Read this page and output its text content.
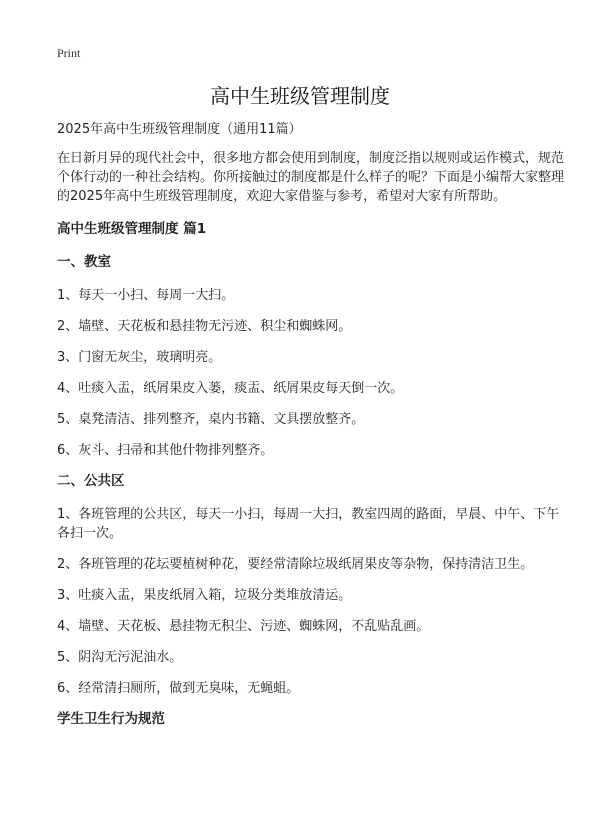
Print
高中生班级管理制度
2025年高中生班级管理制度（通用11篇）
在日新月异的现代社会中，很多地方都会使用到制度，制度泛指以规则或运作模式，规范个体行动的一种社会结构。你所接触过的制度都是什么样子的呢？下面是小编帮大家整理的2025年高中生班级管理制度，欢迎大家借鉴与参考，希望对大家有所帮助。
高中生班级管理制度 篇1
一、教室
1、每天一小扫、每周一大扫。
2、墙壁、天花板和悬挂物无污迹、积尘和蜘蛛网。
3、门窗无灰尘，玻璃明亮。
4、吐痰入盂，纸屑果皮入蒌，痰盂、纸屑果皮每天倒一次。
5、桌凳清洁、排列整齐，桌内书籍、文具摆放整齐。
6、灰斗、扫帚和其他什物排列整齐。
二、公共区
1、各班管理的公共区，每天一小扫，每周一大扫，教室四周的路面，早晨、中午、下午各扫一次。
2、各班管理的花坛要植树种花，要经常清除垃圾纸屑果皮等杂物，保持清洁卫生。
3、吐痰入盂，果皮纸屑入箱，垃圾分类堆放清运。
4、墙壁、天花板、悬挂物无积尘、污迹、蜘蛛网，不乱贴乱画。
5、阴沟无污泥油水。
6、经常清扫厕所，做到无臭味，无蝇蛆。
学生卫生行为规范
